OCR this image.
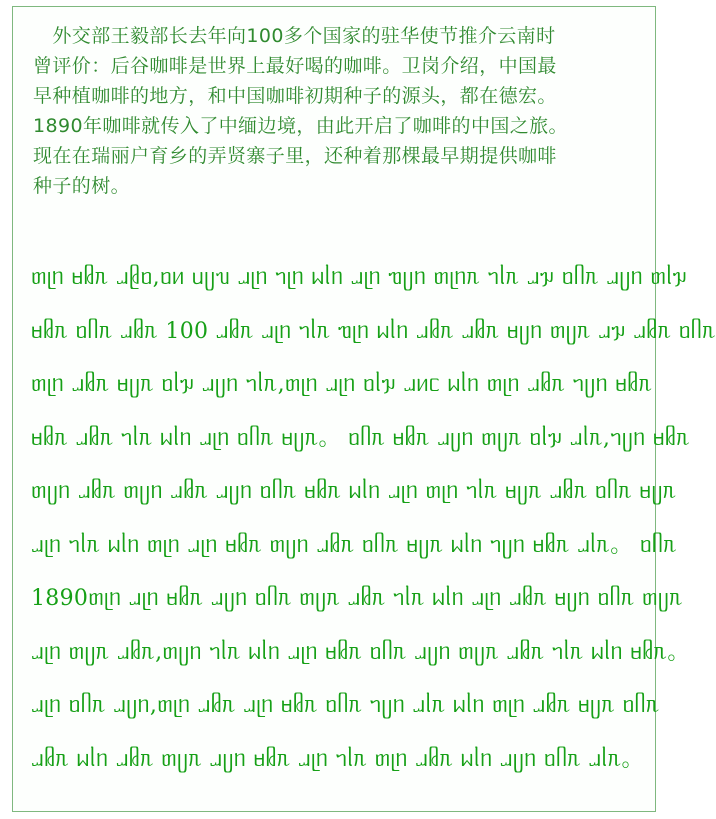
　外交部王毅部长去年向100多个国家的驻华使节推介云南时
曾评价：后谷咖啡是世界上最好喝的咖啡。卫岗介绍，中国最
早种植咖啡的地方，和中国咖啡初期种子的源头，都在德宏。
1890年咖啡就传入了中缅边境，由此开启了咖啡的中国之旅。
现在在瑞丽户育乡的弄贤寨子里，还种着那棵最早期提供咖啡
种子的树。

ᥖᥨᥒ ᥛᥤᥰ ᥘᥪᥝ,ᥝᥢ ᥙᥩᥔ ᥘᥨᥒ ᥐᥨᥒ ᥕᥣᥒ ᥘᥨᥒ ᥓᥩᥒ ᥖᥨᥒᥰ ᥐᥣᥰ ᥘᥭ ᥝᥥᥰ ᥘᥩᥒ ᥖᥣᥭ
ᥛᥤᥰ ᥝᥥᥰ ᥘᥤᥰ 100 ᥘᥤᥰ ᥘᥨᥒ ᥐᥣᥰ ᥓᥨᥒ ᥕᥣᥒ ᥘᥤᥰ ᥘᥤᥰ ᥛᥩᥒ ᥖᥩᥰ ᥘᥭ ᥘᥤᥰ ᥝᥥᥰ
ᥖᥨᥒ ᥘᥤᥰ ᥛᥩᥰ ᥝᥣᥭ ᥘᥩᥒ ᥐᥣᥰ,ᥖᥨᥒ ᥘᥨᥒ ᥝᥣᥭ ᥘᥢᥴ ᥕᥣᥒ ᥖᥨᥒ ᥘᥤᥰ ᥐᥩᥒ ᥛᥤᥰ
ᥛᥤᥰ ᥘᥤᥰ ᥐᥣᥰ ᥕᥣᥒ ᥘᥨᥒ ᥝᥥᥰ ᥛᥩᥰ。 ᥝᥥᥰ ᥛᥤᥰ ᥘᥩᥒ ᥖᥩᥰ ᥝᥣᥭ ᥘᥣᥰ,ᥐᥩᥒ ᥛᥤᥰ
ᥖᥩᥒ ᥘᥤᥰ ᥖᥩᥒ ᥘᥤᥰ ᥘᥩᥒ ᥝᥥᥰ ᥛᥤᥰ ᥕᥣᥒ ᥘᥨᥒ ᥖᥨᥒ ᥐᥣᥰ ᥛᥩᥰ ᥘᥤᥰ ᥝᥥᥰ ᥛᥩᥰ
ᥘᥨᥒ ᥐᥣᥰ ᥕᥣᥒ ᥖᥨᥒ ᥘᥨᥒ ᥛᥤᥰ ᥖᥩᥒ ᥘᥤᥰ ᥝᥥᥰ ᥛᥩᥰ ᥕᥣᥒ ᥐᥩᥒ ᥛᥤᥰ ᥘᥣᥰ。 ᥝᥥᥰ
1890ᥖᥨᥒ ᥘᥨᥒ ᥛᥤᥰ ᥘᥩᥒ ᥝᥥᥰ ᥖᥩᥰ ᥘᥤᥰ ᥐᥣᥰ ᥕᥣᥒ ᥘᥨᥒ ᥘᥤᥰ ᥛᥩᥒ ᥝᥥᥰ ᥖᥩᥰ
ᥘᥨᥒ ᥖᥩᥰ ᥘᥤᥰ,ᥖᥩᥒ ᥐᥣᥰ ᥕᥣᥒ ᥘᥨᥒ ᥛᥤᥰ ᥝᥥᥰ ᥘᥩᥒ ᥖᥩᥰ ᥘᥤᥰ ᥐᥣᥰ ᥕᥣᥒ ᥛᥤᥰ。
ᥘᥨᥒ ᥝᥥᥰ ᥘᥩᥒ,ᥖᥨᥒ ᥘᥤᥰ ᥘᥨᥒ ᥛᥤᥰ ᥝᥥᥰ ᥐᥩᥒ ᥘᥣᥰ ᥕᥣᥒ ᥖᥨᥒ ᥘᥤᥰ ᥛᥩᥰ ᥝᥥᥰ
ᥘᥤᥰ ᥕᥣᥒ ᥘᥤᥰ ᥖᥩᥰ ᥘᥩᥒ ᥛᥤᥰ ᥘᥨᥒ ᥐᥣᥰ ᥖᥨᥒ ᥘᥤᥰ ᥕᥣᥒ ᥘᥩᥒ ᥝᥥᥰ ᥘᥣᥰ。
